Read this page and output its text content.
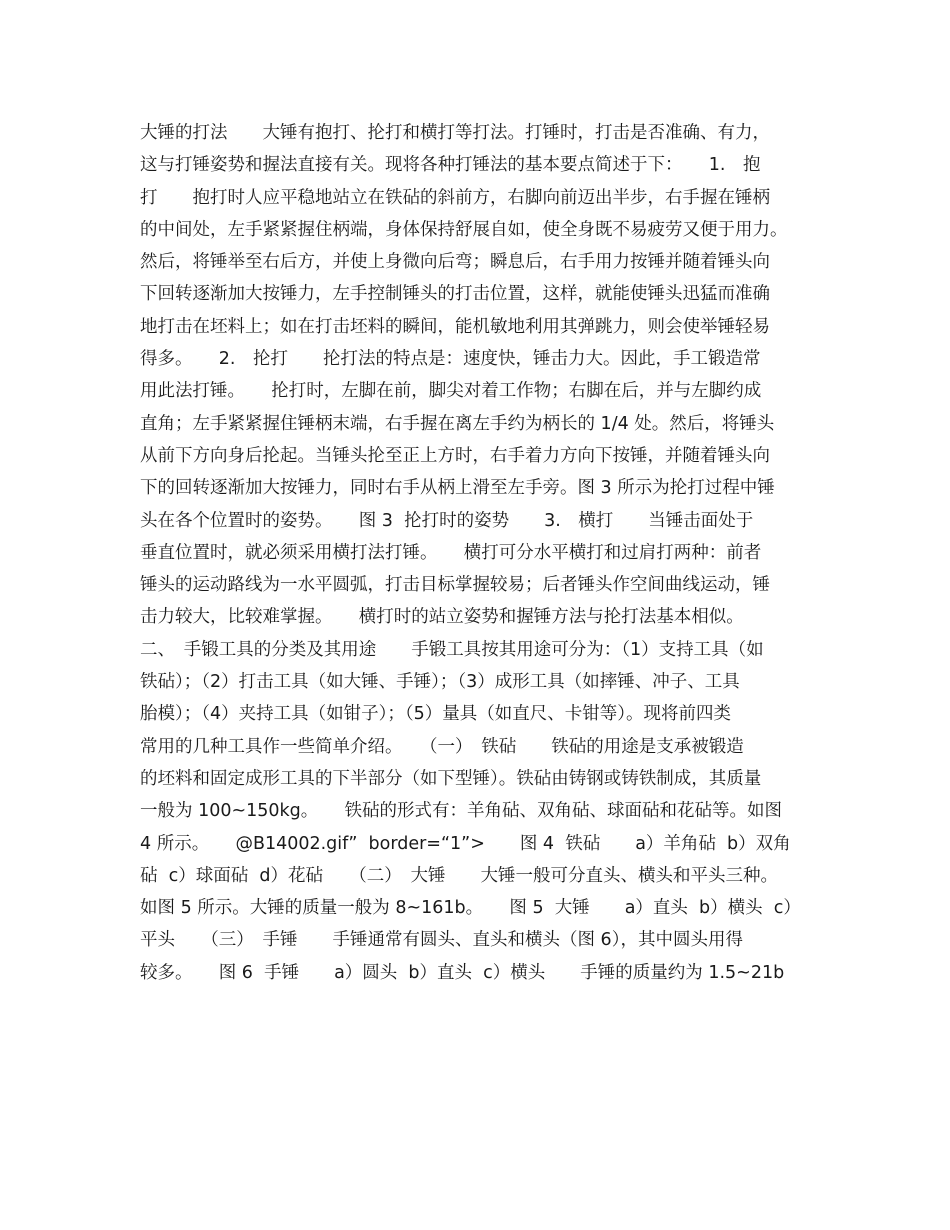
大锤的打法　　大锤有抱打、抡打和横打等打法。打锤时，打击是否准确、有力，
这与打锤姿势和握法直接有关。现将各种打锤法的基本要点简述于下：　　1.　抱
打　　抱打时人应平稳地站立在铁砧的斜前方，右脚向前迈出半步，右手握在锤柄
的中间处，左手紧紧握住柄端，身体保持舒展自如，使全身既不易疲劳又便于用力。
然后，将锤举至右后方，并使上身微向后弯；瞬息后，右手用力按锤并随着锤头向
下回转逐渐加大按锤力，左手控制锤头的打击位置，这样，就能使锤头迅猛而准确
地打击在坯料上；如在打击坯料的瞬间，能机敏地利用其弹跳力，则会使举锤轻易
得多。　　2.　抡打　　抡打法的特点是：速度快，锤击力大。因此，手工锻造常
用此法打锤。　　抡打时，左脚在前，脚尖对着工作物；右脚在后，并与左脚约成
直角；左手紧紧握住锤柄末端，右手握在离左手约为柄长的 1/4 处。然后，将锤头
从前下方向身后抡起。当锤头抡至正上方时，右手着力方向下按锤，并随着锤头向
下的回转逐渐加大按锤力，同时右手从柄上滑至左手旁。图 3 所示为抡打过程中锤
头在各个位置时的姿势。　　图 3  抡打时的姿势　　3.　横打　　当锤击面处于
垂直位置时，就必须采用横打法打锤。　　横打可分水平横打和过肩打两种：前者
锤头的运动路线为一水平圆弧，打击目标掌握较易；后者锤头作空间曲线运动，锤
击力较大，比较难掌握。　　横打时的站立姿势和握锤方法与抡打法基本相似。
二、　手锻工具的分类及其用途　　手锻工具按其用途可分为：（1）支持工具（如
铁砧）；（2）打击工具（如大锤、手锤）；（3）成形工具（如摔锤、冲子、工具
胎模）；（4）夹持工具（如钳子）；（5）量具（如直尺、卡钳等）。现将前四类
常用的几种工具作一些简单介绍。　　（一）　铁砧　　铁砧的用途是支承被锻造
的坯料和固定成形工具的下半部分（如下型锤）。铁砧由铸钢或铸铁制成，其质量
一般为 100~150kg。　　铁砧的形式有：羊角砧、双角砧、球面砧和花砧等。如图
4 所示。　　@B14002.gif”  border=“1”>　　图 4  铁砧　　a）羊角砧  b）双角
砧  c）球面砧  d）花砧　　（二）　大锤　　大锤一般可分直头、横头和平头三种。
如图 5 所示。大锤的质量一般为 8~161b。　　图 5  大锤　　a）直头  b）横头  c）
平头　　（三）　手锤　　手锤通常有圆头、直头和横头（图 6），其中圆头用得
较多。　　图 6  手锤　　a）圆头  b）直头  c）横头　　手锤的质量约为 1.5~21b
